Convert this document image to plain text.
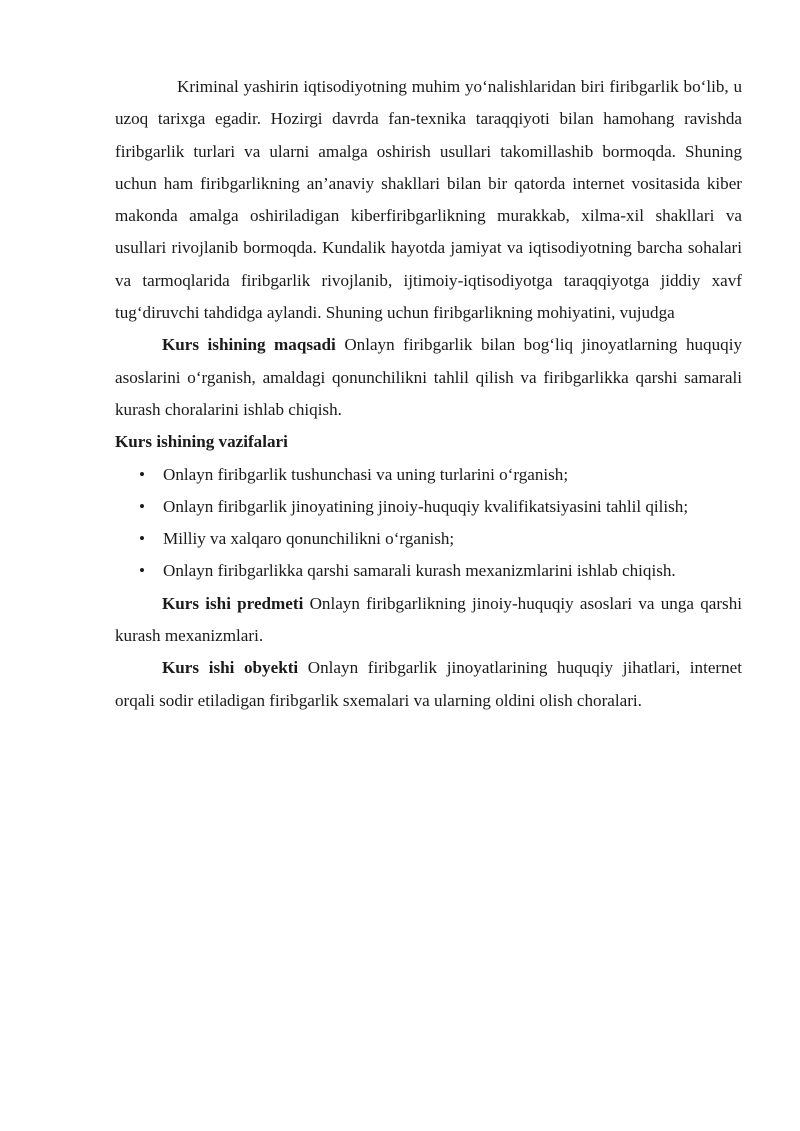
Kriminal yashirin iqtisodiyotning muhim yo‘nalishlaridan biri firibgarlik bo‘lib, u uzoq tarixga egadir. Hozirgi davrda fan-texnika taraqqiyoti bilan hamohang ravishda firibgarlik turlari va ularni amalga oshirish usullari takomillashib bormoqda. Shuning uchun ham firibgarlikning an’anaviy shakllari bilan bir qatorda internet vositasida kiber makonda amalga oshiriladigan kiberfiribgarlikning murakkab, xilma-xil shakllari va usullari rivojlanib bormoqda. Kundalik hayotda jamiyat va iqtisodiyotning barcha sohalari va tarmoqlarida firibgarlik rivojlanib, ijtimoiy-iqtisodiyotga taraqqiyotga jiddiy xavf tug‘diruvchi tahdidga aylandi. Shuning uchun firibgarlikning mohiyatini, vujudga

Kurs ishining maqsadi Onlayn firibgarlik bilan bog‘liq jinoyatlarning huquqiy asoslarini o‘rganish, amaldagi qonunchilikni tahlil qilish va firibgarlikka qarshi samarali kurash choralarini ishlab chiqish.

Kurs ishining vazifalari

• Onlayn firibgarlik tushunchasi va uning turlarini o‘rganish;
• Onlayn firibgarlik jinoyatining jinoiy-huquqiy kvalifikatsiyasini tahlil qilish;
• Milliy va xalqaro qonunchilikni o‘rganish;
• Onlayn firibgarlikka qarshi samarali kurash mexanizmlarini ishlab chiqish.

Kurs ishi predmeti Onlayn firibgarlikning jinoiy-huquqiy asoslari va unga qarshi kurash mexanizmlari.

Kurs ishi obyekti Onlayn firibgarlik jinoyatlarining huquqiy jihatlari, internet orqali sodir etiladigan firibgarlik sxemalari va ularning oldini olish choralari.
